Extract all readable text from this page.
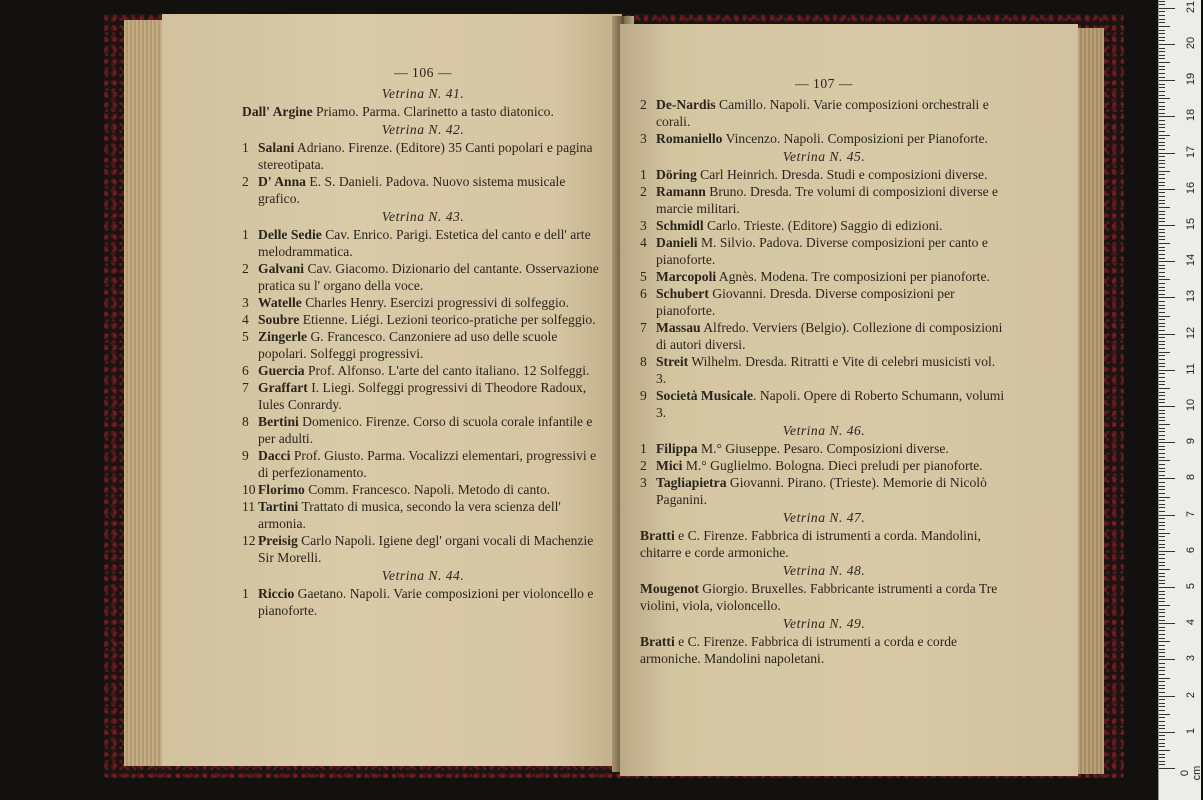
— 106 —
Vetrina N. 41.
Dall' Argine Priamo. Parma. Clarinetto a tasto diatonico.
Vetrina N. 42.
1 Salani Adriano. Firenze. (Editore) 35 Canti popolari e pagina stereotipata.
2 D' Anna E. S. Danieli. Padova. Nuovo sistema musicale grafico.
Vetrina N. 43.
1 Delle Sedie Cav. Enrico. Parigi. Estetica del canto e dell' arte melodrammatica.
2 Galvani Cav. Giacomo. Dizionario del cantante. Osservazione pratica su l' organo della voce.
3 Watelle Charles Henry. Esercizi progressivi di solfeggio.
4 Soubre Etienne. Liégi. Lezioni teorico-pratiche per solfeggio.
5 Zingerle G. Francesco. Canzoniere ad uso delle scuole popolari. Solfeggi progressivi.
6 Guercia Prof. Alfonso. L'arte del canto italiano. 12 Solfeggi.
7 Graffart I. Liegi. Solfeggi progressivi di Theodore Radoux, Iules Conrardy.
8 Bertini Domenico. Firenze. Corso di scuola corale infantile e per adulti.
9 Dacci Prof. Giusto. Parma. Vocalizzi elementari, progressivi e di perfezionamento.
10 Florimo Comm. Francesco. Napoli. Metodo di canto.
11 Tartini Trattato di musica, secondo la vera scienza dell' armonia.
12 Preisig Carlo Napoli. Igiene degl' organi vocali di Machenzie Sir Morelli.
Vetrina N. 44.
1 Riccio Gaetano. Napoli. Varie composizioni per violoncello e pianoforte.
— 107 —
2 De-Nardis Camillo. Napoli. Varie composizioni orchestrali e corali.
3 Romaniello Vincenzo. Napoli. Composizioni per Pianoforte.
Vetrina N. 45.
1 Döring Carl Heinrich. Dresda. Studi e composizioni diverse.
2 Ramann Bruno. Dresda. Tre volumi di composizioni diverse e marcie militari.
3 Schmidl Carlo. Trieste. (Editore) Saggio di edizioni.
4 Danieli M. Silvio. Padova. Diverse composizioni per canto e pianoforte.
5 Marcopoli Agnès. Modena. Tre composizioni per pianoforte.
6 Schubert Giovanni. Dresda. Diverse composizioni per pianoforte.
7 Massau Alfredo. Verviers (Belgio). Collezione di composizioni di autori diversi.
8 Streit Wilhelm. Dresda. Ritratti e Vite di celebri musicisti vol. 3.
9 Società Musicale. Napoli. Opere di Roberto Schumann, volumi 3.
Vetrina N. 46.
1 Filippa M.° Giuseppe. Pesaro. Composizioni diverse.
2 Mici M.° Guglielmo. Bologna. Dieci preludi per pianoforte.
3 Tagliapietra Giovanni. Pirano. (Trieste). Memorie di Nicolò Paganini.
Vetrina N. 47.
Bratti e C. Firenze. Fabbrica di istrumenti a corda. Mandolini, chitarre e corde armoniche.
Vetrina N. 48.
Mougenot Giorgio. Bruxelles. Fabbricante istrumenti a corda Tre violini, viola, violoncello.
Vetrina N. 49.
Bratti e C. Firenze. Fabbrica di istrumenti a corda e corde armoniche. Mandolini napoletani.
0 cm
1
2
3
4
5
6
7
8
9
10
11
12
13
14
15
16
17
18
19
20
21
